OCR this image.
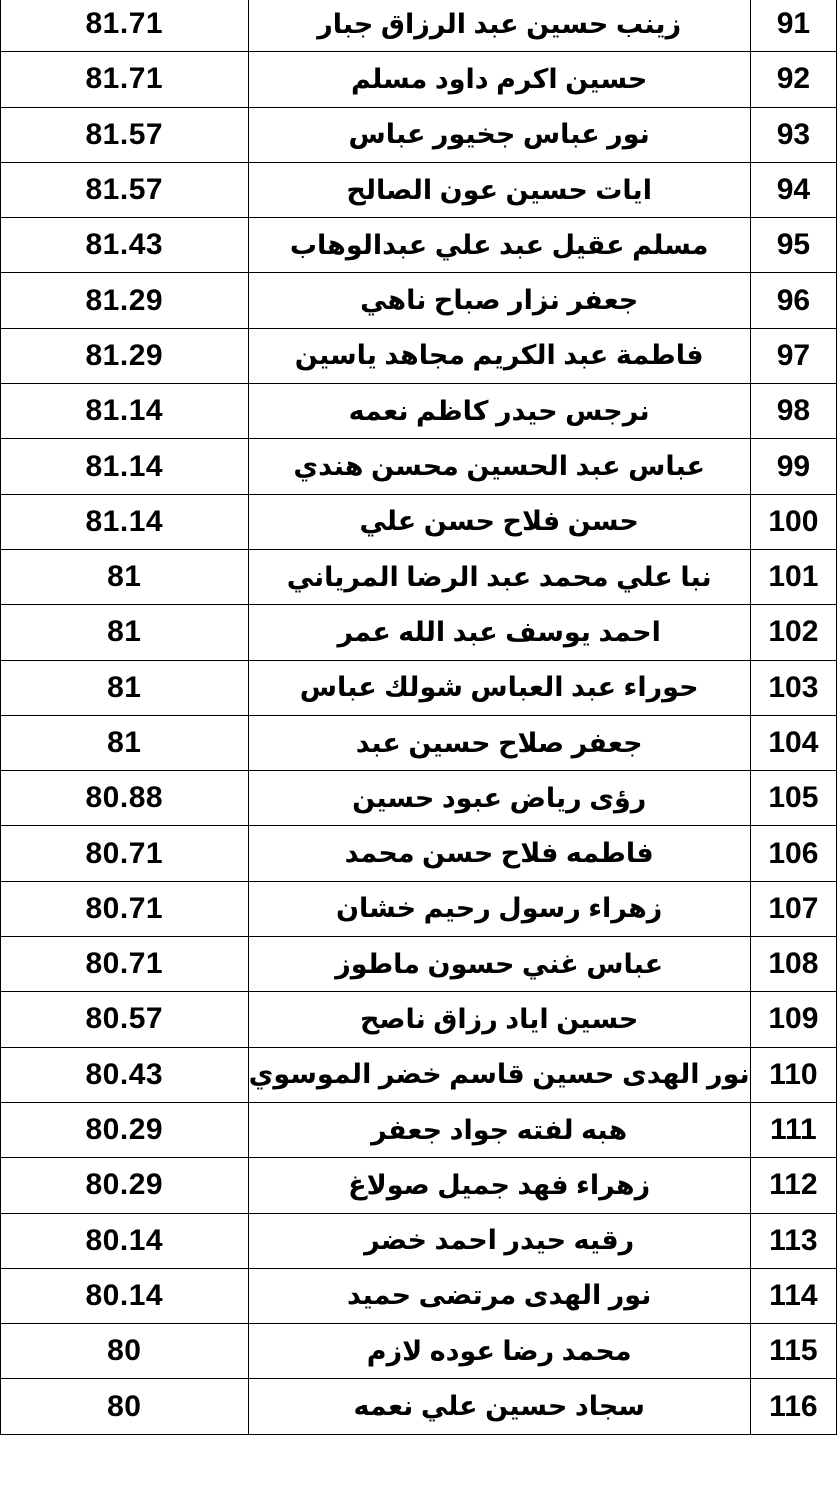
81.71	زينب حسين عبد الرزاق جبار	91
81.71	حسين اكرم داود مسلم	92
81.57	نور عباس جخيور عباس	93
81.57	ايات حسين عون الصالح	94
81.43	مسلم عقيل عبد علي عبدالوهاب	95
81.29	جعفر نزار صباح ناهي	96
81.29	فاطمة عبد الكريم مجاهد ياسين	97
81.14	نرجس حيدر كاظم نعمه	98
81.14	عباس عبد الحسين محسن هندي	99
81.14	حسن فلاح حسن علي	100
81	نبا علي محمد عبد الرضا المرياني	101
81	احمد يوسف عبد الله عمر	102
81	حوراء عبد العباس شولك عباس	103
81	جعفر صلاح حسين عبد	104
80.88	رؤى رياض عبود حسين	105
80.71	فاطمه فلاح حسن محمد	106
80.71	زهراء رسول رحيم خشان	107
80.71	عباس غني حسون ماطوز	108
80.57	حسين اياد رزاق ناصح	109
80.43	نور الهدى حسين قاسم خضر الموسوي	110
80.29	هبه لفته جواد جعفر	111
80.29	زهراء فهد جميل صولاغ	112
80.14	رقيه حيدر احمد خضر	113
80.14	نور الهدى مرتضى حميد	114
80	محمد رضا عوده لازم	115
80	سجاد حسين علي نعمه	116
